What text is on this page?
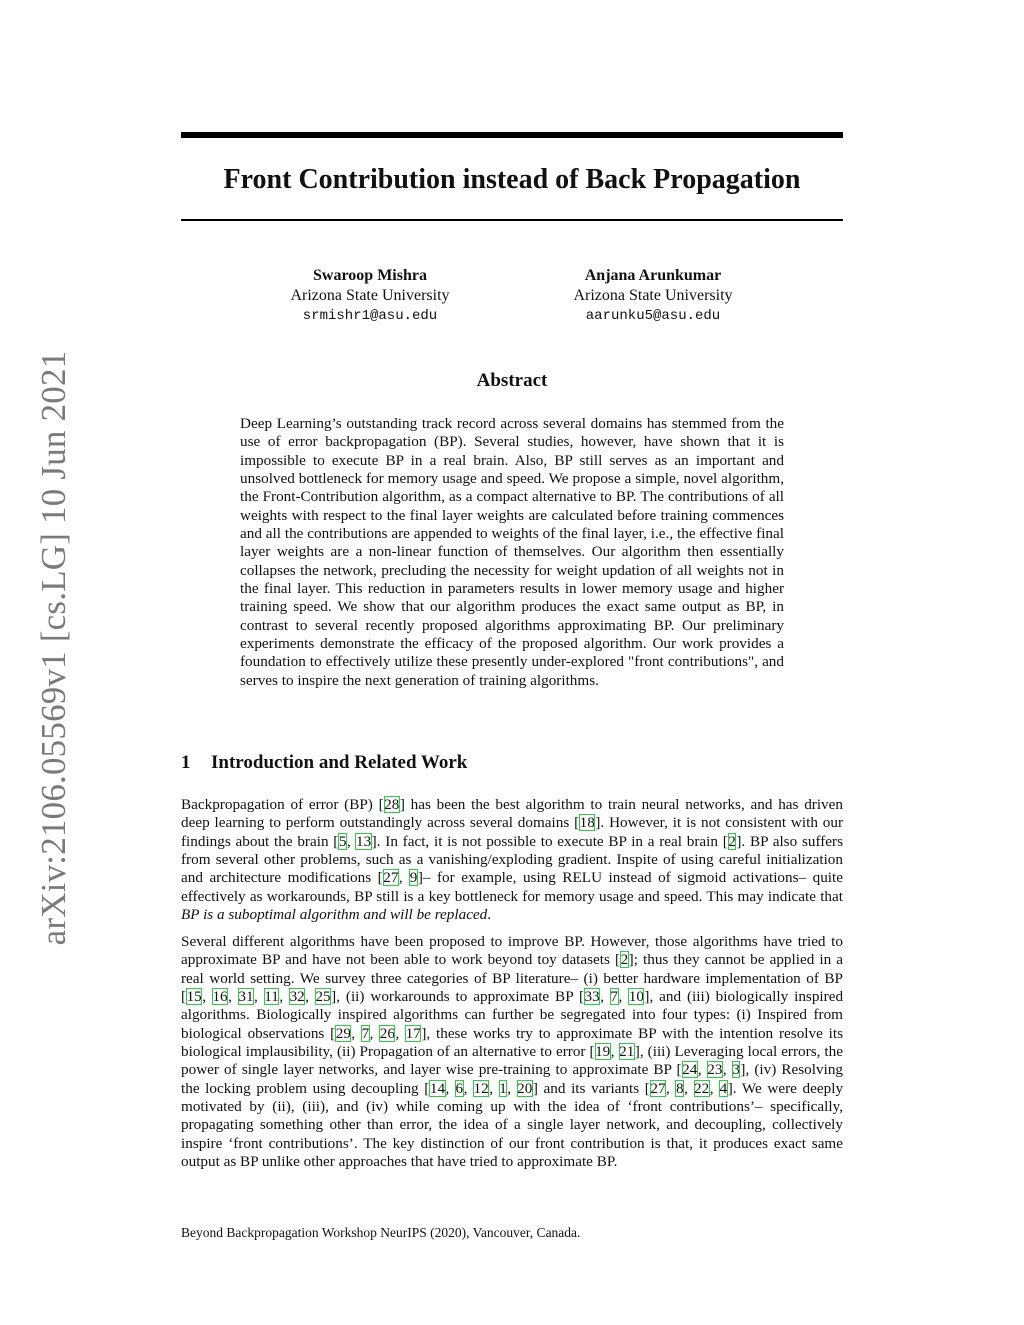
arXiv:2106.05569v1 [cs.LG] 10 Jun 2021
Front Contribution instead of Back Propagation
Swaroop Mishra
Arizona State University
srmishr1@asu.edu
Anjana Arunkumar
Arizona State University
aarunku5@asu.edu
Abstract
Deep Learning’s outstanding track record across several domains has stemmed from the use of error backpropagation (BP). Several studies, however, have shown that it is impossible to execute BP in a real brain. Also, BP still serves as an important and unsolved bottleneck for memory usage and speed. We propose a simple, novel algorithm, the Front-Contribution algorithm, as a compact alternative to BP. The contributions of all weights with respect to the final layer weights are calculated before training commences and all the contributions are appended to weights of the final layer, i.e., the effective final layer weights are a non-linear function of themselves. Our algorithm then essentially collapses the network, precluding the necessity for weight updation of all weights not in the final layer. This reduction in parameters results in lower memory usage and higher training speed. We show that our algorithm produces the exact same output as BP, in contrast to several recently proposed algorithms approximating BP. Our preliminary experiments demonstrate the efficacy of the proposed algorithm. Our work provides a foundation to effectively utilize these presently under-explored "front contributions", and serves to inspire the next generation of training algorithms.
1 Introduction and Related Work

Backpropagation of error (BP) [28] has been the best algorithm to train neural networks, and has driven deep learning to perform outstandingly across several domains [18]. However, it is not consistent with our findings about the brain [5, 13]. In fact, it is not possible to execute BP in a real brain [2]. BP also suffers from several other problems, such as a vanishing/exploding gradient. Inspite of using careful initialization and architecture modifications [27, 9]– for example, using RELU instead of sigmoid activations– quite effectively as workarounds, BP still is a key bottleneck for memory usage and speed. This may indicate that BP is a suboptimal algorithm and will be replaced.

Several different algorithms have been proposed to improve BP. However, those algorithms have tried to approximate BP and have not been able to work beyond toy datasets [2]; thus they cannot be applied in a real world setting. We survey three categories of BP literature– (i) better hardware implementation of BP [15, 16, 31, 11, 32, 25], (ii) workarounds to approximate BP [33, 7, 10], and (iii) biologically inspired algorithms. Biologically inspired algorithms can further be segregated into four types: (i) Inspired from biological observations [29, 7, 26, 17], these works try to approximate BP with the intention resolve its biological implausibility, (ii) Propagation of an alternative to error [19, 21], (iii) Leveraging local errors, the power of single layer networks, and layer wise pre-training to approximate BP [24, 23, 3], (iv) Resolving the locking problem using decoupling [14, 6, 12, 1, 20] and its variants [27, 8, 22, 4]. We were deeply motivated by (ii), (iii), and (iv) while coming up with the idea of ‘front contributions’– specifically, propagating something other than error, the idea of a single layer network, and decoupling, collectively inspire ‘front contributions’. The key distinction of our front contribution is that, it produces exact same output as BP unlike other approaches that have tried to approximate BP.

Beyond Backpropagation Workshop NeurIPS (2020), Vancouver, Canada.
